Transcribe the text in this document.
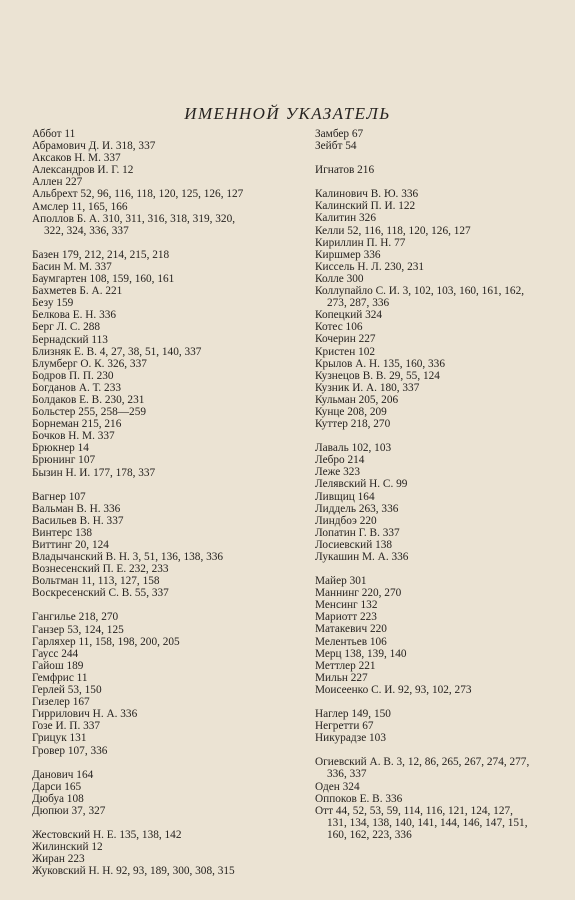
ИМЕННОЙ УКАЗАТЕЛЬ
Аббот 11
Абрамович Д. И. 318, 337
Аксаков Н. М. 337
Александров И. Г. 12
Аллен 227
Альбрехт 52, 96, 116, 118, 120, 125, 126, 127
Амслер 11, 165, 166
Аполлов Б. А. 310, 311, 316, 318, 319, 320,
322, 324, 336, 337
Базен 179, 212, 214, 215, 218
Басин М. М. 337
Баумгартен 108, 159, 160, 161
Бахметев Б. А. 221
Безу 159
Белкова Е. Н. 336
Берг Л. С. 288
Бернадский 113
Близняк Е. В. 4, 27, 38, 51, 140, 337
Блумберг О. К. 326, 337
Бодров П. П. 230
Богданов А. Т. 233
Болдаков Е. В. 230, 231
Больстер 255, 258—259
Борнеман 215, 216
Бочков Н. М. 337
Брюкнер 14
Брюнинг 107
Бызин Н. И. 177, 178, 337
Вагнер 107
Вальман В. Н. 336
Васильев В. Н. 337
Винтерс 138
Виттинг 20, 124
Владычанский В. Н. 3, 51, 136, 138, 336
Вознесенский П. Е. 232, 233
Вольтман 11, 113, 127, 158
Воскресенский С. В. 55, 337
Гангилье 218, 270
Ганзер 53, 124, 125
Гарляхер 11, 158, 198, 200, 205
Гаусс 244
Гайош 189
Гемфрис 11
Герлей 53, 150
Гизелер 167
Гиррилович Н. А. 336
Гозе И. П. 337
Грицук 131
Гровер 107, 336
Данович 164
Дарси 165
Дюбуа 108
Дюпюи 37, 327
Жестовский Н. Е. 135, 138, 142
Жилинский 12
Жиран 223
Жуковский Н. Н. 92, 93, 189, 300, 308, 315
Замбер 67
Зейбт 54
Игнатов 216
Калинович В. Ю. 336
Калинский П. И. 122
Калитин 326
Келли 52, 116, 118, 120, 126, 127
Кириллин П. Н. 77
Киршмер 336
Киссель Н. Л. 230, 231
Колле 300
Коллупайло С. И. 3, 102, 103, 160, 161, 162,
273, 287, 336
Копецкий 324
Котес 106
Кочерин 227
Кристен 102
Крылов А. Н. 135, 160, 336
Кузнецов В. В. 29, 55, 124
Кузник И. А. 180, 337
Кульман 205, 206
Кунце 208, 209
Куттер 218, 270
Лаваль 102, 103
Лебро 214
Леже 323
Лелявский Н. С. 99
Ливщиц 164
Лиддель 263, 336
Линдбоэ 220
Лопатин Г. В. 337
Лосиевский 138
Лукашин М. А. 336
Майер 301
Маннинг 220, 270
Менсинг 132
Мариотт 223
Матакевич 220
Мелентьев 106
Мерц 138, 139, 140
Меттлер 221
Мильн 227
Моисеенко С. И. 92, 93, 102, 273
Наглер 149, 150
Негретти 67
Никурадзе 103
Огиевский А. В. 3, 12, 86, 265, 267, 274, 277,
336, 337
Оден 324
Оппоков Е. В. 336
Отт 44, 52, 53, 59, 114, 116, 121, 124, 127,
131, 134, 138, 140, 141, 144, 146, 147, 151,
160, 162, 223, 336
